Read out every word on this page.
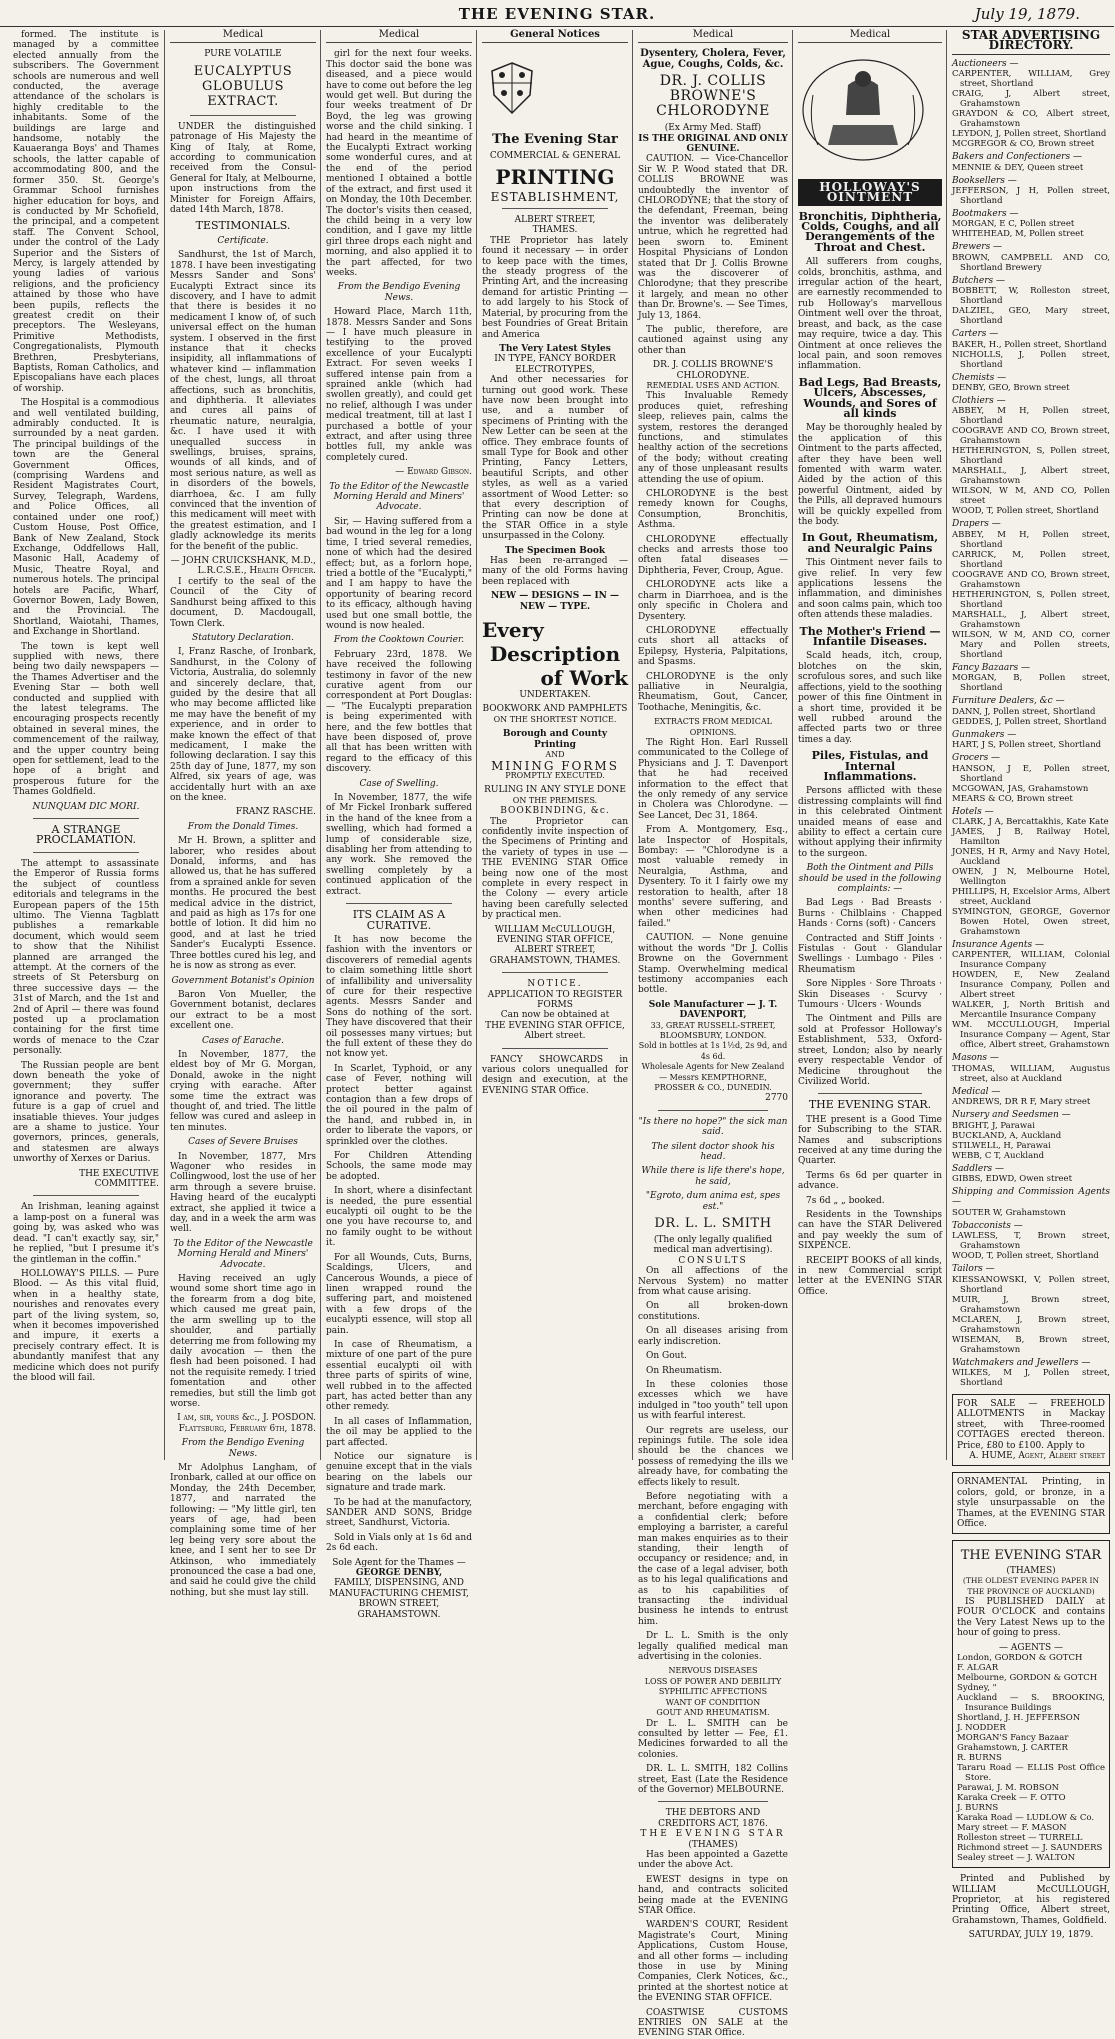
THE EVENING STAR.	July 19, 1879.

formed. The institute is managed by a committee elected annually from the subscribers. The Government schools are numerous and well conducted, the average attendance of the scholars is highly creditable to the inhabitants. Some of the buildings are large and handsome, notably the Kauaeranga Boys' and Thames schools, the latter capable of accommodating 800, and the former 350. St. George's Grammar School furnishes higher education for boys, and is conducted by Mr Schofield, the principal, and a competent staff. The Convent School, under the control of the Lady Superior and the Sisters of Mercy, is largely attended by young ladies of various religions, and the proficiency attained by those who have been pupils, reflects the greatest credit on their preceptors. The Wesleyans, Primitive Methodists, Congregationalists, Plymouth Brethren, Presbyterians, Baptists, Roman Catholics, and Episcopalians have each places of worship.

The Hospital is a commodious and well ventilated building, admirably conducted. It is surrounded by a neat garden. The principal buildings of the town are the General Government Offices, (comprising Wardens and Resident Magistrates Court, Survey, Telegraph, Wardens, and Police Offices, all contained under one roof,) Custom House, Post Office, Bank of New Zealand, Stock Exchange, Oddfellows Hall, Masonic Hall, Academy of Music, Theatre Royal, and numerous hotels. The principal hotels are Pacific, Wharf, Governor Bowen, Lady Bowen, and the Provincial. The Shortland, Waiotahi, Thames, and Exchange in Shortland.

The town is kept well supplied with news, there being two daily newspapers — the Thames Advertiser and the Evening Star — both well conducted and supplied with the latest telegrams. The encouraging prospects recently obtained in several mines, the commencement of the railway, and the upper country being open for settlement, lead to the hope of a bright and prosperous future for the Thames Goldfield.

NUNQUAM DIC MORI.
A STRANGE PROCLAMATION.

The attempt to assassinate the Emperor of Russia forms the subject of countless editorials and telegrams in the European papers of the 15th ultimo. The Vienna Tagblatt publishes a remarkable document, which would seem to show that the Nihilist planned are arranged the attempt. At the corners of the streets of St Petersburg on three successive days — the 31st of March, and the 1st and 2nd of April — there was found posted up a proclamation containing for the first time words of menace to the Czar personally.

The Russian people are bent down beneath the yoke of government; they suffer ignorance and poverty. The future is a gap of cruel and insatiable thieves. Your judges are a shame to justice. Your governors, princes, generals, and statesmen are always unworthy of Xerxes or Darius.

THE EXECUTIVE COMMITTEE.

An Irishman, leaning against a lamp-post on a funeral was going by, was asked who was dead. "I can't exactly say, sir," he replied, "but I presume it's the gintleman in the coffin."

HOLLOWAY'S PILLS. — Pure Blood. — As this vital fluid, when in a healthy state, nourishes and renovates every part of the living system, so, when it becomes impoverished and impure, it exerts a precisely contrary effect. It is abundantly manifest that any medicine which does not purify the blood will fail.

Medical
PURE VOLATILE
EUCALYPTUS GLOBULUS EXTRACT.

UNDER the distinguished patronage of His Majesty the King of Italy, at Rome, according to communication received from the Consul-General for Italy, at Melbourne, upon instructions from the Minister for Foreign Affairs, dated 14th March, 1878.

TESTIMONIALS.
Certificate.

Sandhurst, the 1st of March, 1878. I have been investigating Messrs Sander and Sons' Eucalypti Extract since its discovery, and I have to admit that there is besides it no medicament I know of, of such universal effect on the human system. I observed in the first instance that it checks insipidity, all inflammations of whatever kind — inflammation of the chest, lungs, all throat affections, such as bronchitis, and diphtheria. It alleviates and cures all pains of rheumatic nature, neuralgia, &c. I have used it with unequalled success in swellings, bruises, sprains, wounds of all kinds, and of most serious nature, as well as in disorders of the bowels, diarrhoea, &c. I am fully convinced that the invention of this medicament will meet with the greatest estimation, and I gladly acknowledge its merits for the benefit of the public.

— JOHN CRUICKSHANK, M.D., L.R.C.S.E., Health Officer.

I certify to the seal of the Council of the City of Sandhurst being affixed to this document, D. Macdougall, Town Clerk.

Statutory Declaration.

I, Franz Rasche, of Ironbark, Sandhurst, in the Colony of Victoria, Australia, do solemnly and sincerely declare, that, guided by the desire that all who may become afflicted like me may have the benefit of my experience, and in order to make known the effect of that medicament, I make the following declaration. I say this 25th day of June, 1877, my son Alfred, six years of age, was accidentally hurt with an axe on the knee.

FRANZ RASCHE.
From the Donald Times.

Mr H. Brown, a splitter and laborer, who resides about Donald, informs, and has allowed us, that he has suffered from a sprained ankle for seven months. He procured the best medical advice in the district, and paid as high as 17s for one bottle of lotion. It did him no good, and at last he tried Sander's Eucalypti Essence. Three bottles cured his leg, and he is now as strong as ever.

Government Botanist's Opinion

Baron Von Mueller, the Government botanist, declares our extract to be a most excellent one.

Cases of Earache.

In November, 1877, the eldest boy of Mr G. Morgan, Donald, awoke in the night crying with earache. After some time the extract was thought of, and tried. The little fellow was cured and asleep in ten minutes.

Cases of Severe Bruises

In November, 1877, Mrs Wagoner who resides in Collingwood, lost the use of her arm through a severe bruise. Having heard of the eucalypti extract, she applied it twice a day, and in a week the arm was well.

To the Editor of the Newcastle Morning Herald and Miners' Advocate.

Having received an ugly wound some short time ago in the forearm from a dog bite, which caused me great pain, the arm swelling up to the shoulder, and partially deterring me from following my daily avocation — then the flesh had been poisoned. I had not the requisite remedy. I tried fomentation and other remedies, but still the limb got worse.

I am, sir, yours &c., J. POSDON. Flattsburg, February 6th, 1878.
From the Bendigo Evening News.

Mr Adolphus Langham, of Ironbark, called at our office on Monday, the 24th December, 1877, and narrated the following: — "My little girl, ten years of age, had been complaining some time of her leg being very sore about the knee, and I sent her to see Dr Atkinson, who immediately pronounced the case a bad one, and said he could give the child nothing, but she must lay still.

Medical

girl for the next four weeks. This doctor said the bone was diseased, and a piece would have to come out before the leg would get well. But during the four weeks treatment of Dr Boyd, the leg was growing worse and the child sinking. I had heard in the meantime of the Eucalypti Extract working some wonderful cures, and at the end of the period mentioned I obtained a bottle of the extract, and first used it on Monday, the 10th December. The doctor's visits then ceased, the child being in a very low condition, and I gave my little girl three drops each night and morning, and also applied it to the part affected, for two weeks.

From the Bendigo Evening News.

Howard Place, March 11th, 1878. Messrs Sander and Sons — I have much pleasure in testifying to the proved excellence of your Eucalypti Extract. For seven weeks I suffered intense pain from a sprained ankle (which had swollen greatly), and could get no relief, although I was under medical treatment, till at last I purchased a bottle of your extract, and after using three bottles full, my ankle was completely cured.

— Edward Gibson.
To the Editor of the Newcastle Morning Herald and Miners' Advocate.

Sir, — Having suffered from a bad wound in the leg for a long time, I tried several remedies, none of which had the desired effect; but, as a forlorn hope, tried a bottle of the "Eucalypti," and I am happy to have the opportunity of bearing record to its efficacy, although having used but one small bottle, the wound is now healed.

From the Cooktown Courier.

February 23rd, 1878. We have received the following testimony in favor of the new curative agent from our correspondent at Port Douglas: — "The Eucalypti preparation is being experimented with here, and the few bottles that have been disposed of, prove all that has been written with regard to the efficacy of this discovery.

Case of Swelling.

In November, 1877, the wife of Mr Fickel Ironbark suffered in the hand of the knee from a swelling, which had formed a lump of considerable size, disabling her from attending to any work. She removed the swelling completely by a continued application of the extract.

ITS CLAIM AS A CURATIVE.

It has now become the fashion with the inventors or discoverers of remedial agents to claim something little short of infallibility and universality of cure for their respective agents. Messrs Sander and Sons do nothing of the sort. They have discovered that their oil possesses many virtues; but the full extent of these they do not know yet.

In Scarlet, Typhoid, or any case of Fever, nothing will protect better against contagion than a few drops of the oil poured in the palm of the hand, and rubbed in, in order to liberate the vapors, or sprinkled over the clothes.

For Children Attending Schools, the same mode may be adopted.

In short, where a disinfectant is needed, the pure essential eucalypti oil ought to be the one you have recourse to, and no family ought to be without it.

For all Wounds, Cuts, Burns, Scaldings, Ulcers, and Cancerous Wounds, a piece of linen wrapped round the suffering part, and moistened with a few drops of the eucalypti essence, will stop all pain.

In case of Rheumatism, a mixture of one part of the pure essential eucalypti oil with three parts of spirits of wine, well rubbed in to the affected part, has acted better than any other remedy.

In all cases of Inflammation, the oil may be applied to the part affected.

Notice our signature is genuine except that in the vials bearing on the labels our signature and trade mark.

To be had at the manufactory, SANDER AND SONS, Bridge street, Sandhurst, Victoria.

Sold in Vials only at 1s 6d and 2s 6d each.

Sole Agent for the Thames —
GEORGE DENBY,
FAMILY, DISPENSING, AND MANUFACTURING CHEMIST,
BROWN STREET, GRAHAMSTOWN.
General Notices
The Evening Star
COMMERCIAL & GENERAL
PRINTING
ESTABLISHMENT,
ALBERT STREET,
THAMES.

THE Proprietor has lately found it necessary — in order to keep pace with the times, the steady progress of the Printing Art, and the increasing demand for artistic Printing — to add largely to his Stock of Material, by procuring from the best Foundries of Great Britain and America

The Very Latest Styles
IN TYPE, FANCY BORDER ELECTROTYPES,

And other necessaries for turning out good work. These have now been brought into use, and a number of specimens of Printing with the New Letter can be seen at the office. They embrace founts of small Type for Book and other Printing, Fancy Letters, beautiful Scripts, and other styles, as well as a varied assortment of Wood Letter: so that every description of Printing can now be done at the STAR Office in a style unsurpassed in the Colony.

The Specimen Book

Has been re-arranged — many of the old Forms having been replaced with

NEW — DESIGNS — IN — NEW — TYPE.
Every
Description
of Work
UNDERTAKEN.
BOOKWORK AND PAMPHLETS
ON THE SHORTEST NOTICE.
Borough and County Printing
AND
MINING FORMS
PROMPTLY EXECUTED.
RULING IN ANY STYLE DONE
ON THE PREMISES.
BOOKBINDING, &c.

The Proprietor can confidently invite inspection of the Specimens of Printing and the variety of types in use — THE EVENING STAR Office being now one of the most complete in every respect in the Colony — every article having been carefully selected by practical men.

WILLIAM McCULLOUGH,
EVENING STAR OFFICE,
ALBERT STREET,
GRAHAMSTOWN, THAMES.
NOTICE.
APPLICATION TO REGISTER FORMS
Can now be obtained at
THE EVENING STAR OFFICE,
Albert street.

FANCY SHOWCARDS in various colors unequalled for design and execution, at the EVENING STAR Office.

Medical
Dysentery, Cholera, Fever, Ague, Coughs, Colds, &c.
DR. J. COLLIS BROWNE'S CHLORODYNE
(Ex Army Med. Staff)
IS THE ORIGINAL AND ONLY GENUINE.

CAUTION. — Vice-Chancellor Sir W. P. Wood stated that DR. COLLIS BROWNE was undoubtedly the inventor of CHLORODYNE; that the story of the defendant, Freeman, being the inventor was deliberately untrue, which he regretted had been sworn to. Eminent Hospital Physicians of London stated that Dr J. Collis Browne was the discoverer of Chlorodyne; that they prescribe it largely, and mean no other than Dr. Browne's. — See Times, July 13, 1864.

The public, therefore, are cautioned against using any other than

DR. J. COLLIS BROWNE'S CHLORODYNE.
REMEDIAL USES AND ACTION.

This Invaluable Remedy produces quiet, refreshing sleep, relieves pain, calms the system, restores the deranged functions, and stimulates healthy action of the secretions of the body; without creating any of those unpleasant results attending the use of opium.

CHLORODYNE is the best remedy known for Coughs, Consumption, Bronchitis, Asthma.

CHLORODYNE effectually checks and arrests those too often fatal diseases — Diphtheria, Fever, Croup, Ague.

CHLORODYNE acts like a charm in Diarrhoea, and is the only specific in Cholera and Dysentery.

CHLORODYNE effectually cuts short all attacks of Epilepsy, Hysteria, Palpitations, and Spasms.

CHLORODYNE is the only palliative in Neuralgia, Rheumatism, Gout, Cancer, Toothache, Meningitis, &c.

EXTRACTS FROM MEDICAL OPINIONS.

The Right Hon. Earl Russell communicated to the College of Physicians and J. T. Davenport that he had received information to the effect that the only remedy of any service in Cholera was Chlorodyne. — See Lancet, Dec 31, 1864.

From A. Montgomery, Esq., late Inspector of Hospitals, Bombay: — "Chlorodyne is a most valuable remedy in Neuralgia, Asthma, and Dysentery. To it I fairly owe my restoration to health, after 18 months' severe suffering, and when other medicines had failed."

CAUTION. — None genuine without the words "Dr J. Collis Browne on the Government Stamp. Overwhelming medical testimony accompanies each bottle.

Sole Manufacturer — J. T. DAVENPORT,
33, GREAT RUSSELL-STREET, BLOOMSBURY, LONDON.
Sold in bottles at 1s 1½d, 2s 9d, and 4s 6d.
Wholesale Agents for New Zealand — Messrs KEMPTHORNE, PROSSER & CO., DUNEDIN.
2770
"Is there no hope?" the sick man said.
The silent doctor shook his head.
While there is life there's hope, he said,
"Egroto, dum anima est, spes est."
DR. L. L. SMITH
(The only legally qualified medical man advertising).
CONSULTS

On all affections of the Nervous System) no matter from what cause arising.

On all broken-down constitutions.

On all diseases arising from early indiscretion.

On Gout.

On Rheumatism.

In these colonies those excesses which we have indulged in "too youth" tell upon us with fearful interest.

Our regrets are useless, our repinings futile. The sole idea should be the chances we possess of remedying the ills we already have, for combating the effects likely to result.

Before negotiating with a merchant, before engaging with a confidential clerk; before employing a barrister, a careful man makes enquiries as to their standing, their length of occupancy or residence; and, in the case of a legal adviser, both as to his legal qualifications and as to his capabilities of transacting the individual business he intends to entrust him.

Dr L. L. Smith is the only legally qualified medical man advertising in the colonies.

NERVOUS DISEASES
LOSS OF POWER AND DEBILITY
SYPHILITIC AFFECTIONS
WANT OF CONDITION
GOUT AND RHEUMATISM.

Dr L. L. SMITH can be consulted by letter — Fee, £1. Medicines forwarded to all the colonies.

DR. L. L. SMITH, 182 Collins street, East (Late the Residence of the Governor) MELBOURNE.

THE DEBTORS AND CREDITORS ACT, 1876.
THE EVENING STAR
(THAMES)

Has been appointed a Gazette under the above Act.

EWEST designs in type on hand, and contracts solicited being made at the EVENING STAR Office.

WARDEN'S COURT, Resident Magistrate's Court, Mining Applications, Custom House, and all other forms — including those in use by Mining Companies, Clerk Notices, &c., printed at the shortest notice at the EVENING STAR OFFICE.

COASTWISE CUSTOMS ENTRIES ON SALE at the EVENING STAR Office.

Medical
HOLLOWAY'S OINTMENT
Bronchitis, Diphtheria, Colds, Coughs, and all Derangements of the Throat and Chest.

All sufferers from coughs, colds, bronchitis, asthma, and irregular action of the heart, are earnestly recommended to rub Holloway's marvellous Ointment well over the throat, breast, and back, as the case may require, twice a day. This Ointment at once relieves the local pain, and soon removes inflammation.

Bad Legs, Bad Breasts, Ulcers, Abscesses, Wounds, and Sores of all kinds

May be thoroughly healed by the application of this Ointment to the parts affected, after they have been well fomented with warm water. Aided by the action of this powerful Ointment, aided by the Pills, all depraved humours will be quickly expelled from the body.

In Gout, Rheumatism, and Neuralgic Pains

This Ointment never fails to give relief. In very few applications lessens the inflammation, and diminishes and soon calms pain, which too often attends these maladies.

The Mother's Friend — Infantile Diseases.

Scald heads, itch, croup, blotches on the skin, scrofulous sores, and such like affections, yield to the soothing power of this fine Ointment in a short time, provided it be well rubbed around the affected parts two or three times a day.

Piles, Fistulas, and Internal Inflammations.

Persons afflicted with these distressing complaints will find in this celebrated Ointment unaided means of ease and ability to effect a certain cure without applying their infirmity to the surgeon.

Both the Ointment and Pills should be used in the following complaints: —

Bad Legs · Bad Breasts · Burns · Chilblains · Chapped Hands · Corns (soft) · Cancers

Contracted and Stiff Joints · Fistulas · Gout · Glandular Swellings · Lumbago · Piles · Rheumatism

Sore Nipples · Sore Throats · Skin Diseases · Scurvy · Tumours · Ulcers · Wounds

The Ointment and Pills are sold at Professor Holloway's Establishment, 533, Oxford-street, London; also by nearly every respectable Vendor of Medicine throughout the Civilized World.

THE EVENING STAR.

THE present is a Good Time for Subscribing to the STAR. Names and subscriptions received at any time during the Quarter.

Terms 6s 6d per quarter in advance.

7s 6d „ „ booked.

Residents in the Townships can have the STAR Delivered and pay weekly the sum of SIXPENCE.

RECEIPT BOOKS of all kinds, in new Commercial script letter at the EVENING STAR Office.

STAR ADVERTISING DIRECTORY.
Auctioneers —
CARPENTER, WILLIAM, Grey street, Shortland
CRAIG, J, Albert street, Grahamstown
GRAYDON & CO, Albert street, Grahamstown
LEYDON, J, Pollen street, Shortland
MCGREGOR & CO, Brown street
Bakers and Confectioners —
MENNIE & DEY, Queen street
Booksellers —
JEFFERSON, J H, Pollen street, Shortland
Bootmakers —
MORGAN, E C, Pollen street
WHITEHEAD, M, Pollen street
Brewers —
BROWN, CAMPBELL AND CO, Shortland Brewery
Butchers —
BOBBETT, W, Rolleston street, Shortland
DALZIEL, GEO, Mary street, Shortland
Carters —
BAKER, H., Pollen street, Shortland
NICHOLLS, J, Pollen street, Shortland
Chemists —
DENBY, GEO, Brown street
Clothiers —
ABBEY, M H, Pollen street, Shortland
COOGRAVE AND CO, Brown street, Grahamstown
HETHERINGTON, S, Pollen street, Shortland
MARSHALL, J, Albert street, Grahamstown
WILSON, W M, AND CO, Pollen street
WOOD, T, Pollen street, Shortland
Drapers —
ABBEY, M H, Pollen street, Shortland
CARRICK, M, Pollen street, Shortland
COOGRAVE AND CO, Brown street, Grahamstown
HETHERINGTON, S, Pollen street, Shortland
MARSHALL, J, Albert street, Grahamstown
WILSON, W M, AND CO, corner Mary and Pollen streets, Shortland
Fancy Bazaars —
MORGAN, B, Pollen street, Shortland
Furniture Dealers, &c —
DANN, J, Pollen street, Shortland
GEDDES, J, Pollen street, Shortland
Gunmakers —
HART, J S, Pollen street, Shortland
Grocers —
HANSON, J E, Pollen street, Shortland
MCGOWAN, JAS, Grahamstown
MEARS & CO, Brown street
Hotels —
CLARK, J A, Bercattakhis, Kate Kate
JAMES, J B, Railway Hotel, Hamilton
JONES, H R, Army and Navy Hotel, Auckland
OWEN, J N, Melbourne Hotel, Wellington
PHILLIPS, H, Excelsior Arms, Albert street, Auckland
SYMINGTON, GEORGE, Governor Bowen Hotel, Owen street, Grahamstown
Insurance Agents —
CARPENTER, WILLIAM, Colonial Insurance Company
HOWDEN, E, New Zealand Insurance Company, Pollen and Albert street
WALKER, J, North British and Mercantile Insurance Company
WM. MCCULLOUGH, Imperial Insurance Company — Agent, Star office, Albert street, Grahamstown
Masons —
THOMAS, WILLIAM, Augustus street, also at Auckland
Medical —
ANDREWS, DR R F, Mary street
Nursery and Seedsmen —
BRIGHT, J, Parawai
BUCKLAND, A, Auckland
STILWELL, H, Parawai
WEBB, C T, Auckland
Saddlers —
GIBBS, EDWD, Owen street
Shipping and Commission Agents —
SOUTER W, Grahamstown
Tobacconists —
LAWLESS, T, Brown street, Grahamstown
WOOD, T, Pollen street, Shortland
Tailors —
KIESSANOWSKI, V, Pollen street, Shortland
MUIR, J, Brown street, Grahamstown
MCLAREN, J, Brown street, Grahamstown
WISEMAN, B, Brown street, Grahamstown
Watchmakers and Jewellers —
WILKES, M J, Pollen street, Shortland
FOR SALE — FREEHOLD ALLOTMENTS in Mackay street, with Three-roomed COTTAGES erected thereon. Price, £80 to £100. Apply to
A. HUME, Agent, Albert street
ORNAMENTAL Printing, in colors, gold, or bronze, in a style unsurpassable on the Thames, at the EVENING STAR Office.
THE EVENING STAR
(THAMES)
(THE OLDEST EVENING PAPER IN THE PROVINCE OF AUCKLAND)

IS PUBLISHED DAILY at FOUR O'CLOCK and contains the Very Latest News up to the hour of going to press.

— AGENTS —
London, GORDON & GOTCH
F. ALGAR
Melbourne, GORDON & GOTCH
Sydney, "
Auckland — S. BROOKING, Insurance Buildings
Shortland, J. H. JEFFERSON
J. NODDER
MORGAN'S Fancy Bazaar
Grahamstown, J. CARTER
R. BURNS
Tararu Road — ELLIS Post Office Store.
Parawai, J. M. ROBSON
Karaka Creek — F. OTTO
J. BURNS
Karaka Road — LUDLOW & Co.
Mary street — F. MASON
Rolleston street — TURRELL
Richmond street — J. SAUNDERS
Sealey street — J. WALTON

Printed and Published by WILLIAM McCULLOUGH, Proprietor, at his registered Printing Office, Albert street, Grahamstown, Thames, Goldfield.

SATURDAY, JULY 19, 1879.
